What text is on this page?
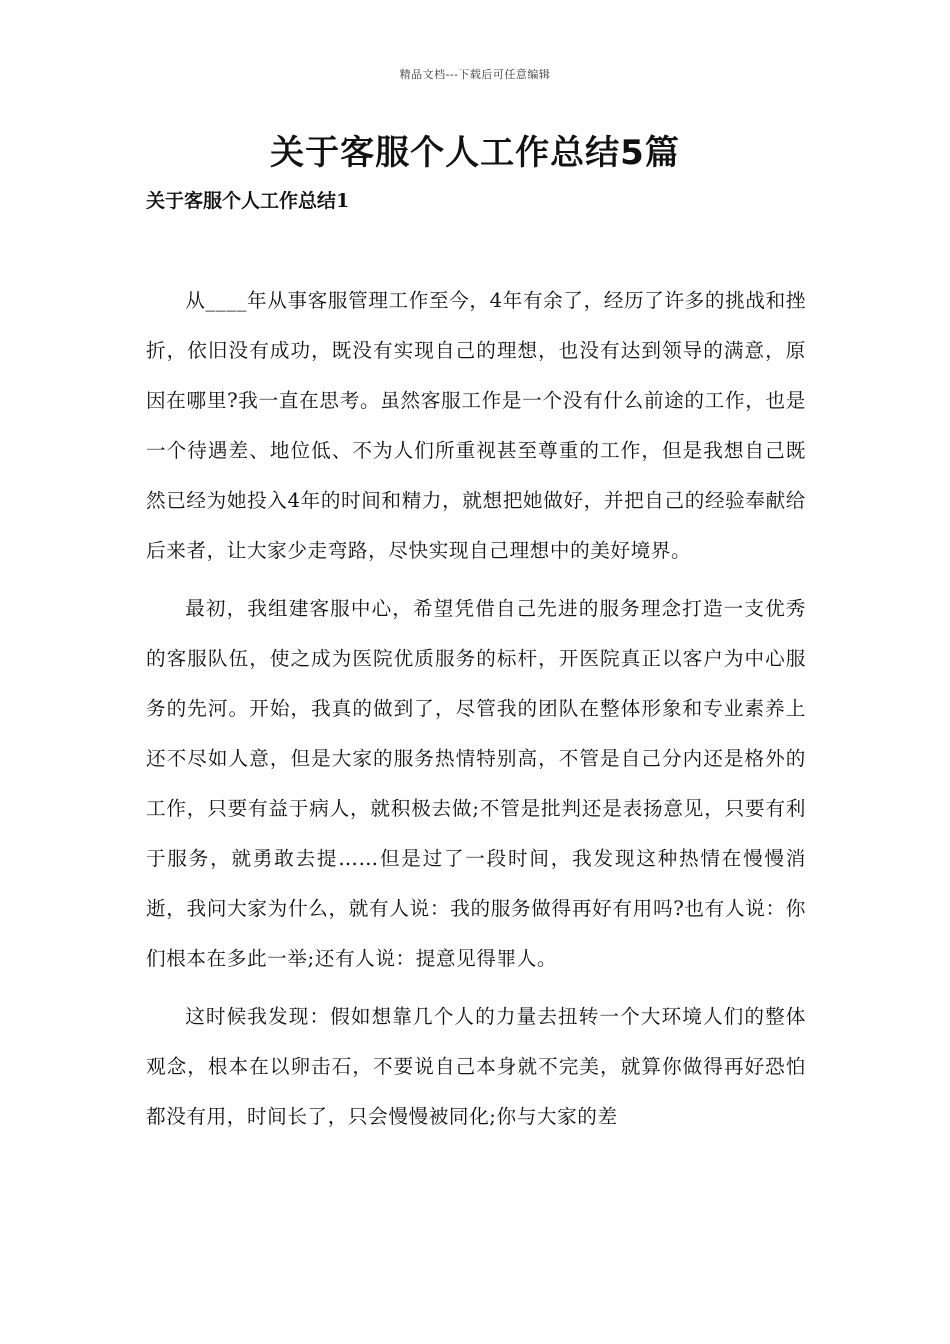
精品文档---下载后可任意编辑
关于客服个人工作总结5篇
关于客服个人工作总结1

从____年从事客服管理工作至今，4年有余了，经历了许多的挑战和挫折，依旧没有成功，既没有实现自己的理想，也没有达到领导的满意，原因在哪里?我一直在思考。虽然客服工作是一个没有什么前途的工作，也是一个待遇差、地位低、不为人们所重视甚至尊重的工作，但是我想自己既然已经为她投入4年的时间和精力，就想把她做好，并把自己的经验奉献给后来者，让大家少走弯路，尽快实现自己理想中的美好境界。

最初，我组建客服中心，希望凭借自己先进的服务理念打造一支优秀的客服队伍，使之成为医院优质服务的标杆，开医院真正以客户为中心服务的先河。开始，我真的做到了，尽管我的团队在整体形象和专业素养上还不尽如人意，但是大家的服务热情特别高，不管是自己分内还是格外的工作，只要有益于病人，就积极去做;不管是批判还是表扬意见，只要有利于服务，就勇敢去提……但是过了一段时间，我发现这种热情在慢慢消逝，我问大家为什么，就有人说：我的服务做得再好有用吗?也有人说：你们根本在多此一举;还有人说：提意见得罪人。

这时候我发现：假如想靠几个人的力量去扭转一个大环境人们的整体观念，根本在以卵击石，不要说自己本身就不完美，就算你做得再好恐怕都没有用，时间长了，只会慢慢被同化;你与大家的差
